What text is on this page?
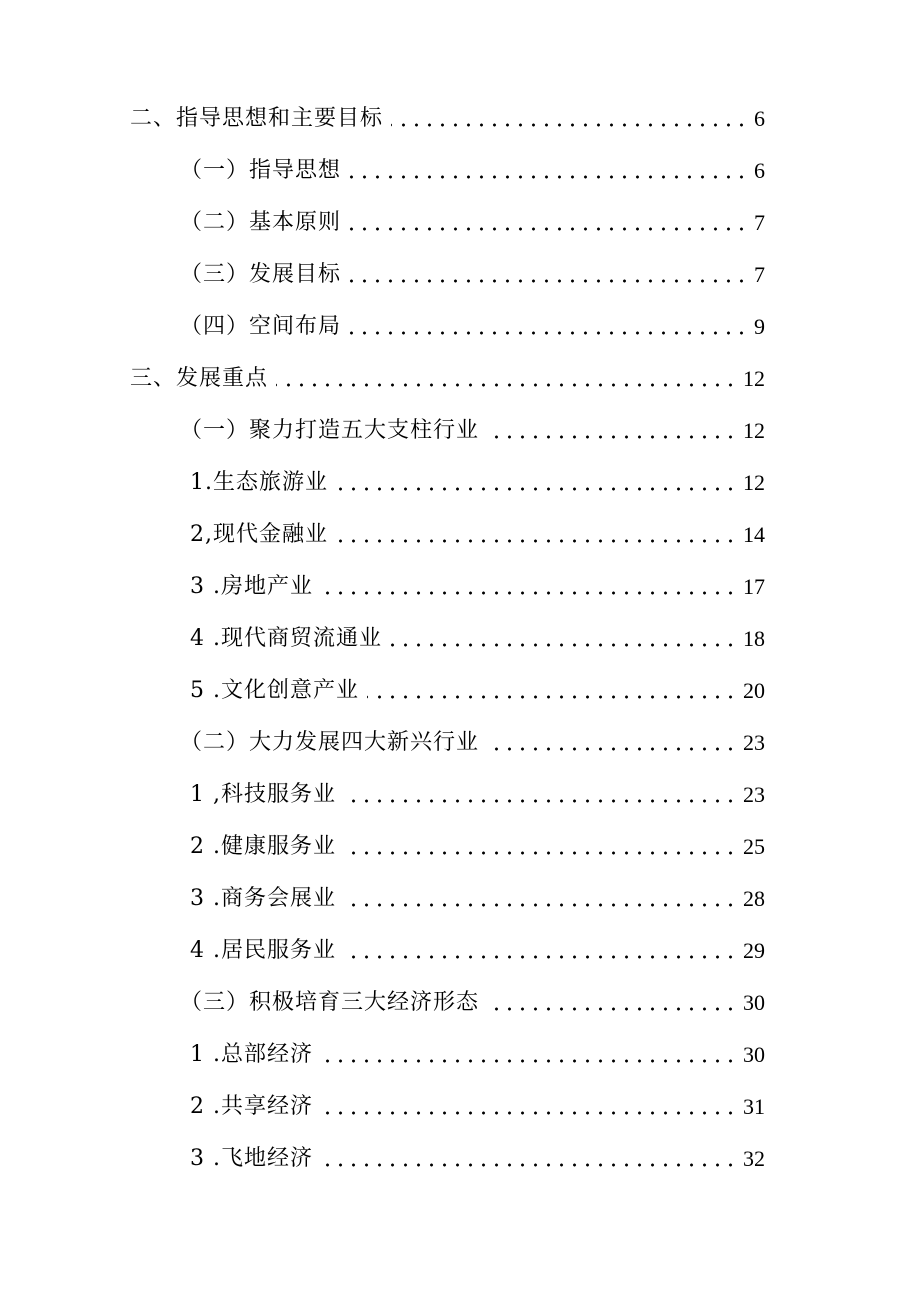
二、指导思想和主要目标	6
（一）指导思想	6
（二）基本原则	7
（三）发展目标	7
（四）空间布局	9
三、发展重点	12
（一）聚力打造五大支柱行业	12
1.生态旅游业	12
2,现代金融业	14
3 .房地产业	17
4 .现代商贸流通业	18
5 .文化创意产业	20
（二）大力发展四大新兴行业	23
1 ,科技服务业	23
2 .健康服务业	25
3 .商务会展业	28
4 .居民服务业	29
（三）积极培育三大经济形态	30
1 .总部经济	30
2 .共享经济	31
3 .飞地经济	32
